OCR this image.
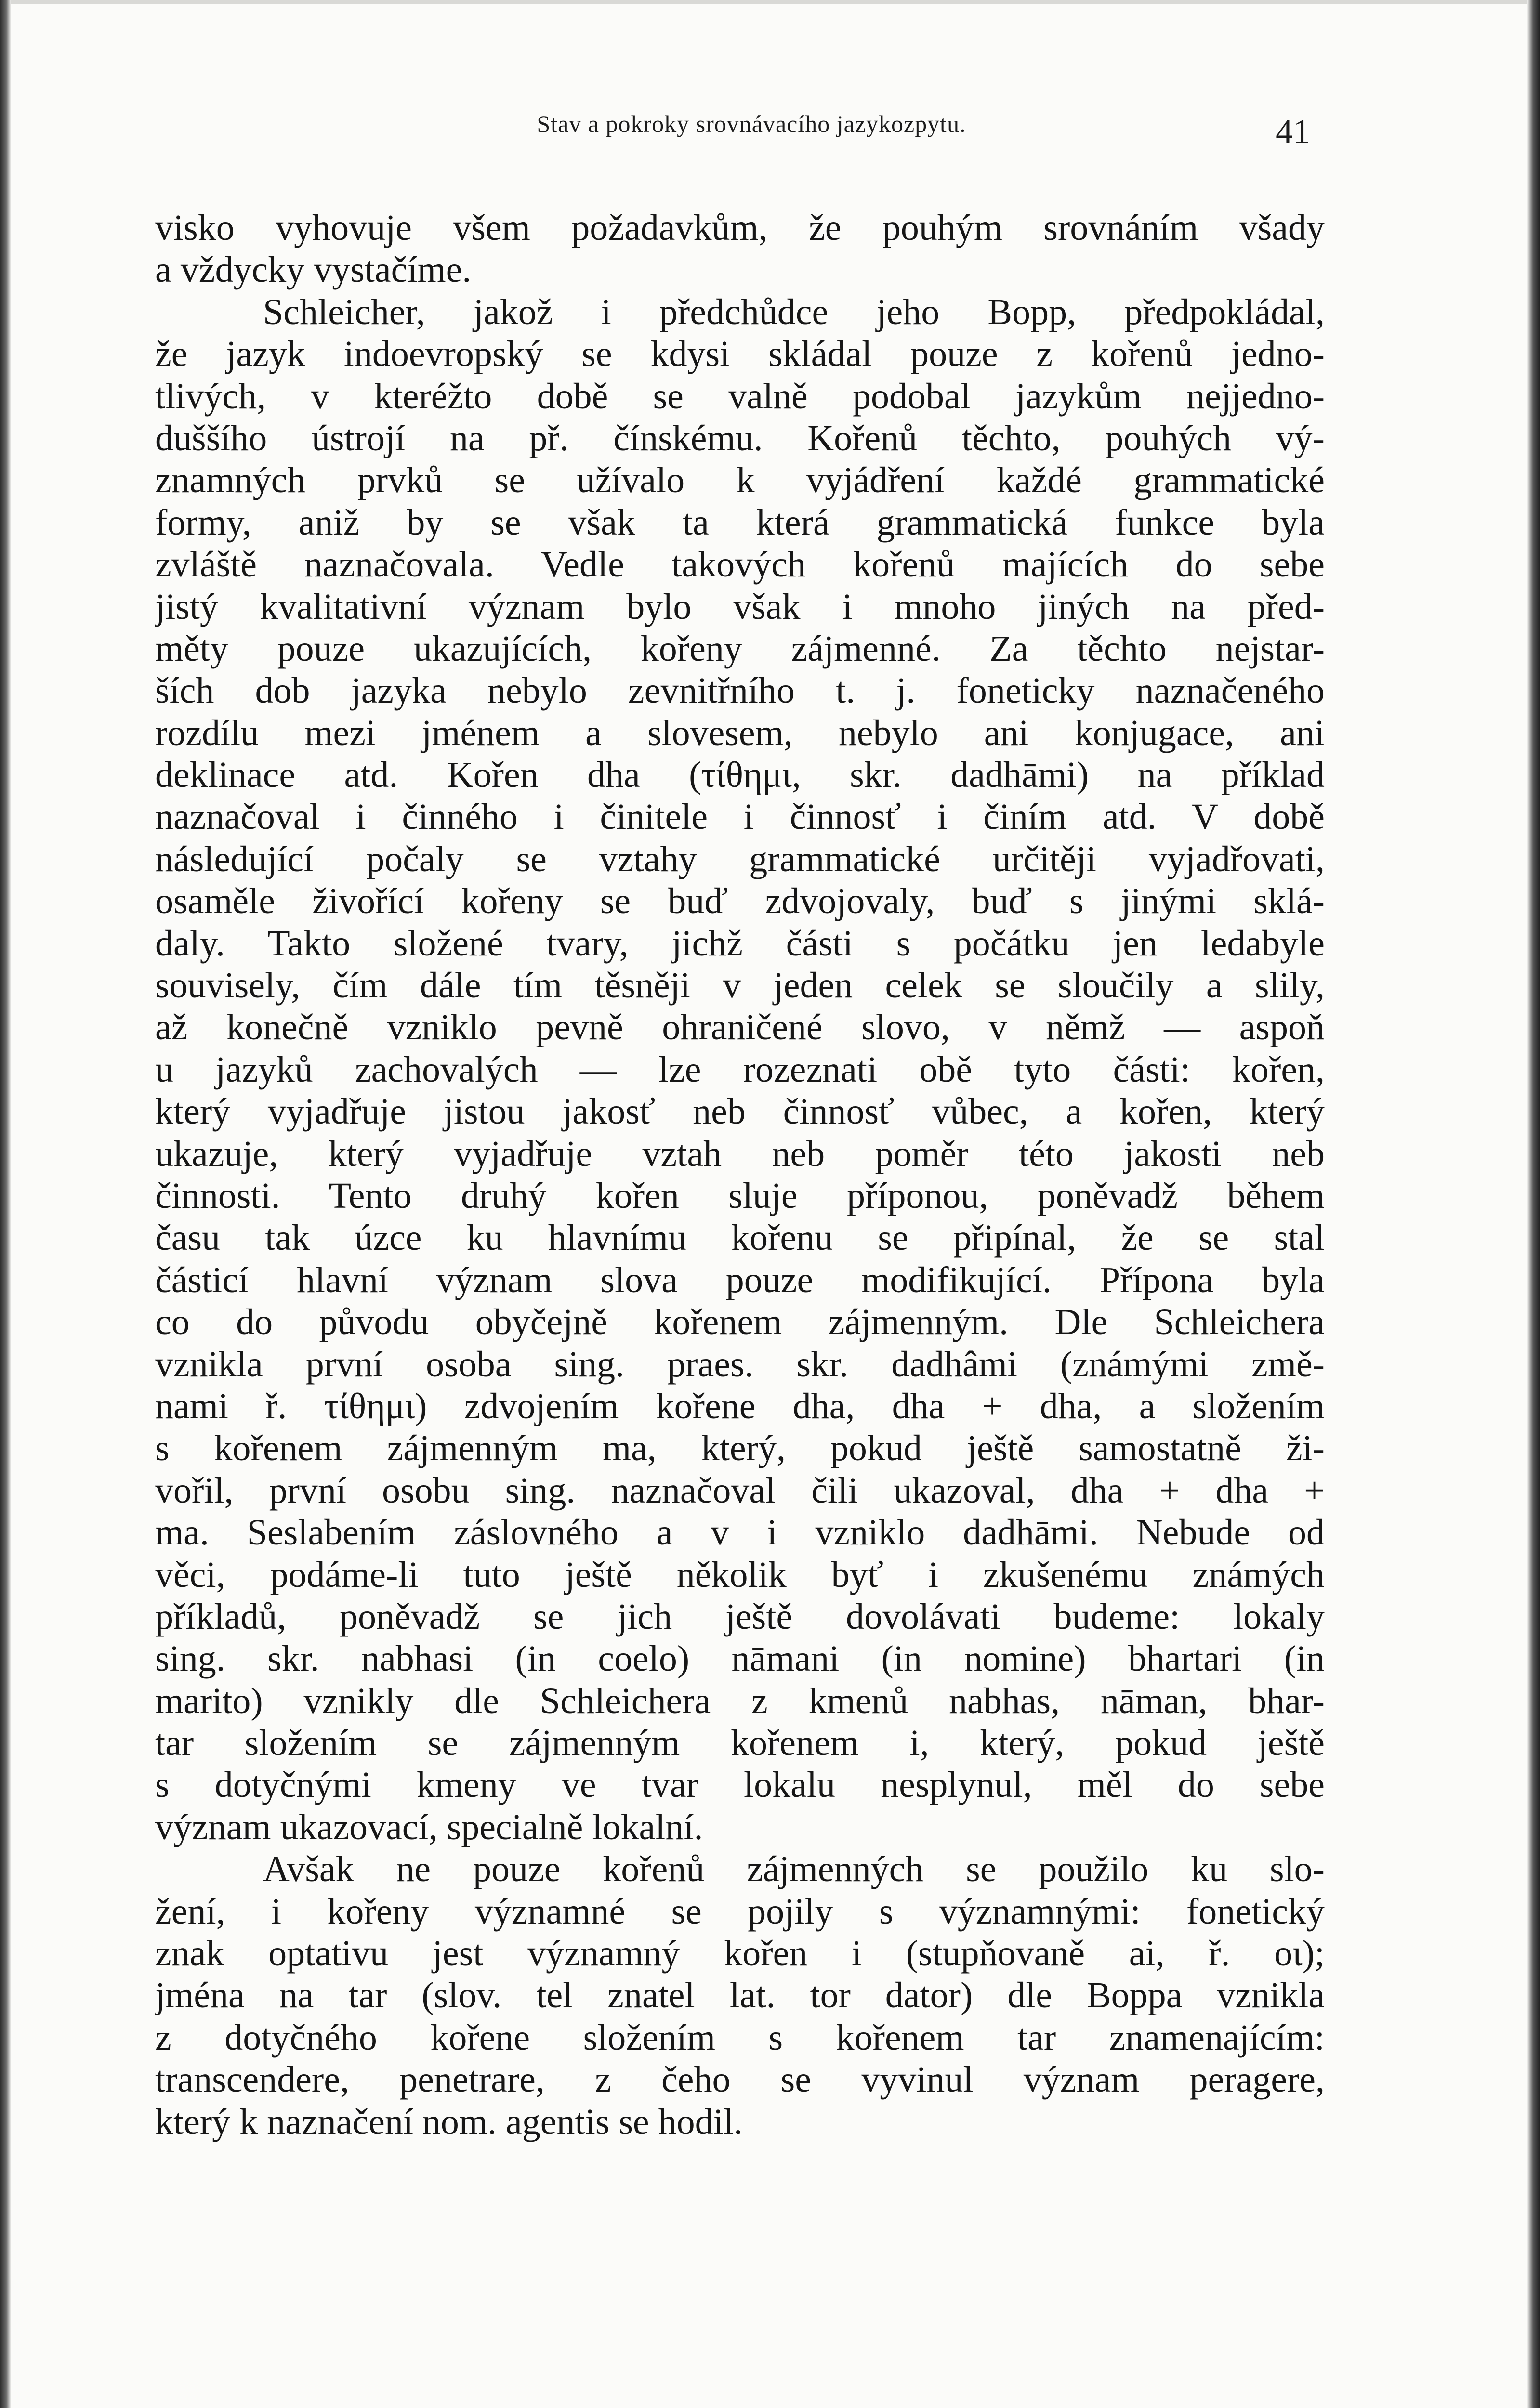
Stav a pokroky srovnávacího jazykozpytu.	41
visko vyhovuje všem požadavkům, že pouhým srovnáním všady
a vždycky vystačíme.
Schleicher, jakož i předchůdce jeho Bopp, předpokládal,
že jazyk indoevropský se kdysi skládal pouze z kořenů jedno-
tlivých, v kteréžto době se valně podobal jazykům nejjedno-
duššího ústrojí na př. čínskému. Kořenů těchto, pouhých vý-
znamných prvků se užívalo k vyjádření každé grammatické
formy, aniž by se však ta která grammatická funkce byla
zvláště naznačovala. Vedle takových kořenů majících do sebe
jistý kvalitativní význam bylo však i mnoho jiných na před-
měty pouze ukazujících, kořeny zájmenné. Za těchto nejstar-
ších dob jazyka nebylo zevnitřního t. j. foneticky naznačeného
rozdílu mezi jménem a slovesem, nebylo ani konjugace, ani
deklinace atd. Kořen dha (τίθημι, skr. dadhāmi) na příklad
naznačoval i činného i činitele i činnosť i činím atd. V době
následující počaly se vztahy grammatické určitěji vyjadřovati,
osaměle živořící kořeny se buď zdvojovaly, buď s jinými sklá-
daly. Takto složené tvary, jichž části s počátku jen ledabyle
souvisely, čím dále tím těsněji v jeden celek se sloučily a slily,
až konečně vzniklo pevně ohraničené slovo, v němž — aspoň
u jazyků zachovalých — lze rozeznati obě tyto části: kořen,
který vyjadřuje jistou jakosť neb činnosť vůbec, a kořen, který
ukazuje, který vyjadřuje vztah neb poměr této jakosti neb
činnosti. Tento druhý kořen sluje příponou, poněvadž během
času tak úzce ku hlavnímu kořenu se připínal, že se stal
částicí hlavní význam slova pouze modifikující. Přípona byla
co do původu obyčejně kořenem zájmenným. Dle Schleichera
vznikla první osoba sing. praes. skr. dadhâmi (známými změ-
nami ř. τίθημι) zdvojením kořene dha, dha + dha, a složením
s kořenem zájmenným ma, který, pokud ještě samostatně ži-
vořil, první osobu sing. naznačoval čili ukazoval, dha + dha +
ma. Seslabením záslovného a v i vzniklo dadhāmi. Nebude od
věci, podáme-li tuto ještě několik byť i zkušenému známých
příkladů, poněvadž se jich ještě dovolávati budeme: lokaly
sing. skr. nabhasi (in coelo) nāmani (in nomine) bhartari (in
marito) vznikly dle Schleichera z kmenů nabhas, nāman, bhar-
tar složením se zájmenným kořenem i, který, pokud ještě
s dotyčnými kmeny ve tvar lokalu nesplynul, měl do sebe
význam ukazovací, specialně lokalní.
Avšak ne pouze kořenů zájmenných se použilo ku slo-
žení, i kořeny významné se pojily s významnými: fonetický
znak optativu jest významný kořen i (stupňovaně ai, ř. οι);
jména na tar (slov. tel znatel lat. tor dator) dle Boppa vznikla
z dotyčného kořene složením s kořenem tar znamenajícím:
transcendere, penetrare, z čeho se vyvinul význam peragere,
který k naznačení nom. agentis se hodil.
